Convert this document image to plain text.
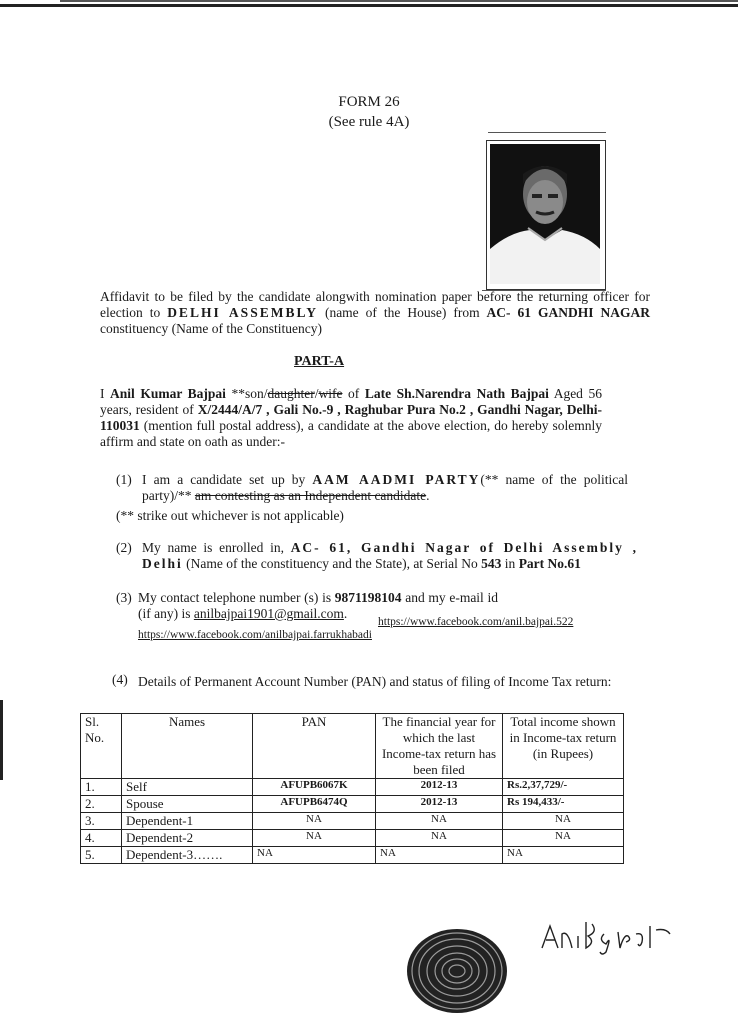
FORM 26
(See rule 4A)
Affidavit to be filed by the candidate alongwith nomination paper before the returning officer for election to DELHI ASSEMBLY (name of the House) from AC- 61 GANDHI NAGAR constituency (Name of the Constituency)
PART-A
I Anil Kumar Bajpai **son/daughter/wife of Late Sh.Narendra Nath Bajpai Aged 56 years, resident of X/2444/A/7 , Gali No.-9 , Raghubar Pura No.2 , Gandhi Nagar, Delhi-110031 (mention full postal address), a candidate at the above election, do hereby solemnly affirm and state on oath as under:-
(1) I am a candidate set up by AAM AADMI PARTY(** name of the political party)/** am contesting as an Independent candidate.
(** strike out whichever is not applicable)
(2) My name is enrolled in, AC- 61, Gandhi Nagar of Delhi Assembly , Delhi (Name of the constituency and the State), at Serial No 543 in Part No.61
(3) My contact telephone number (s) is 9871198104 and my e-mail id (if any) is anilbajpai1901@gmail.com.
https://www.facebook.com/anil.bajpai.522
https://www.facebook.com/anilbajpai.farrukhabadi
(4) Details of Permanent Account Number (PAN) and status of filing of Income Tax return:
Sl. No.	Names	PAN	The financial year for which the last Income-tax return has been filed	Total income shown in Income-tax return (in Rupees)
1.	Self	AFUPB6067K	2012-13	Rs.2,37,729/-
2.	Spouse	AFUPB6474Q	2012-13	Rs 194,433/-
3.	Dependent-1	NA	NA	NA
4.	Dependent-2	NA	NA	NA
5.	Dependent-3…….	NA	NA	NA
